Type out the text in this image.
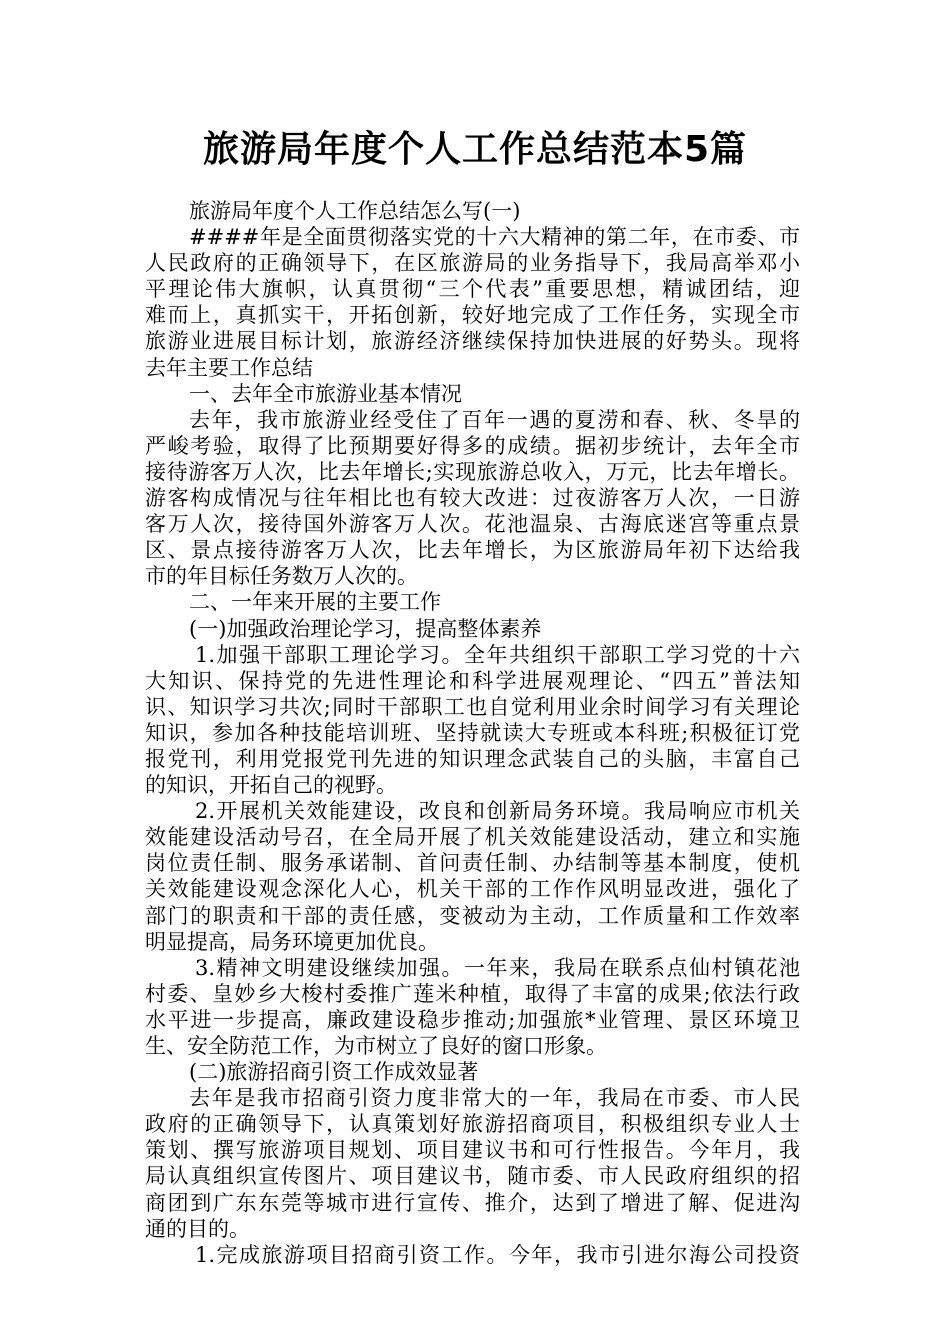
旅游局年度个人工作总结范本5篇
旅游局年度个人工作总结怎么写(一)
####年是全面贯彻落实党的十六大精神的第二年，在市委、市
人民政府的正确领导下，在区旅游局的业务指导下，我局高举邓小
平理论伟大旗帜，认真贯彻“三个代表”重要思想，精诚团结，迎
难而上，真抓实干，开拓创新，较好地完成了工作任务，实现全市
旅游业进展目标计划，旅游经济继续保持加快进展的好势头。现将
去年主要工作总结
一、去年全市旅游业基本情况
去年，我市旅游业经受住了百年一遇的夏涝和春、秋、冬旱的
严峻考验，取得了比预期要好得多的成绩。据初步统计，去年全市
接待游客万人次，比去年增长;实现旅游总收入，万元，比去年增长。
游客构成情况与往年相比也有较大改进：过夜游客万人次，一日游
客万人次，接待国外游客万人次。花池温泉、古海底迷宫等重点景
区、景点接待游客万人次，比去年增长，为区旅游局年初下达给我
市的年目标任务数万人次的。
二、一年来开展的主要工作
(一)加强政治理论学习，提高整体素养
1.加强干部职工理论学习。全年共组织干部职工学习党的十六
大知识、保持党的先进性理论和科学进展观理论、“四五”普法知
识、知识学习共次;同时干部职工也自觉利用业余时间学习有关理论
知识，参加各种技能培训班、坚持就读大专班或本科班;积极征订党
报党刊，利用党报党刊先进的知识理念武装自己的头脑，丰富自己
的知识，开拓自己的视野。
2.开展机关效能建设，改良和创新局务环境。我局响应市机关
效能建设活动号召，在全局开展了机关效能建设活动，建立和实施
岗位责任制、服务承诺制、首问责任制、办结制等基本制度，使机
关效能建设观念深化人心，机关干部的工作作风明显改进，强化了
部门的职责和干部的责任感，变被动为主动，工作质量和工作效率
明显提高，局务环境更加优良。
3.精神文明建设继续加强。一年来，我局在联系点仙村镇花池
村委、皇妙乡大梭村委推广莲米种植，取得了丰富的成果;依法行政
水平进一步提高，廉政建设稳步推动;加强旅*业管理、景区环境卫
生、安全防范工作，为市树立了良好的窗口形象。
(二)旅游招商引资工作成效显著
去年是我市招商引资力度非常大的一年，我局在市委、市人民
政府的正确领导下，认真策划好旅游招商项目，积极组织专业人士
策划、撰写旅游项目规划、项目建议书和可行性报告。今年月，我
局认真组织宣传图片、项目建议书，随市委、市人民政府组织的招
商团到广东东莞等城市进行宣传、推介，达到了增进了解、促进沟
通的目的。
1.完成旅游项目招商引资工作。今年，我市引进尔海公司投资
